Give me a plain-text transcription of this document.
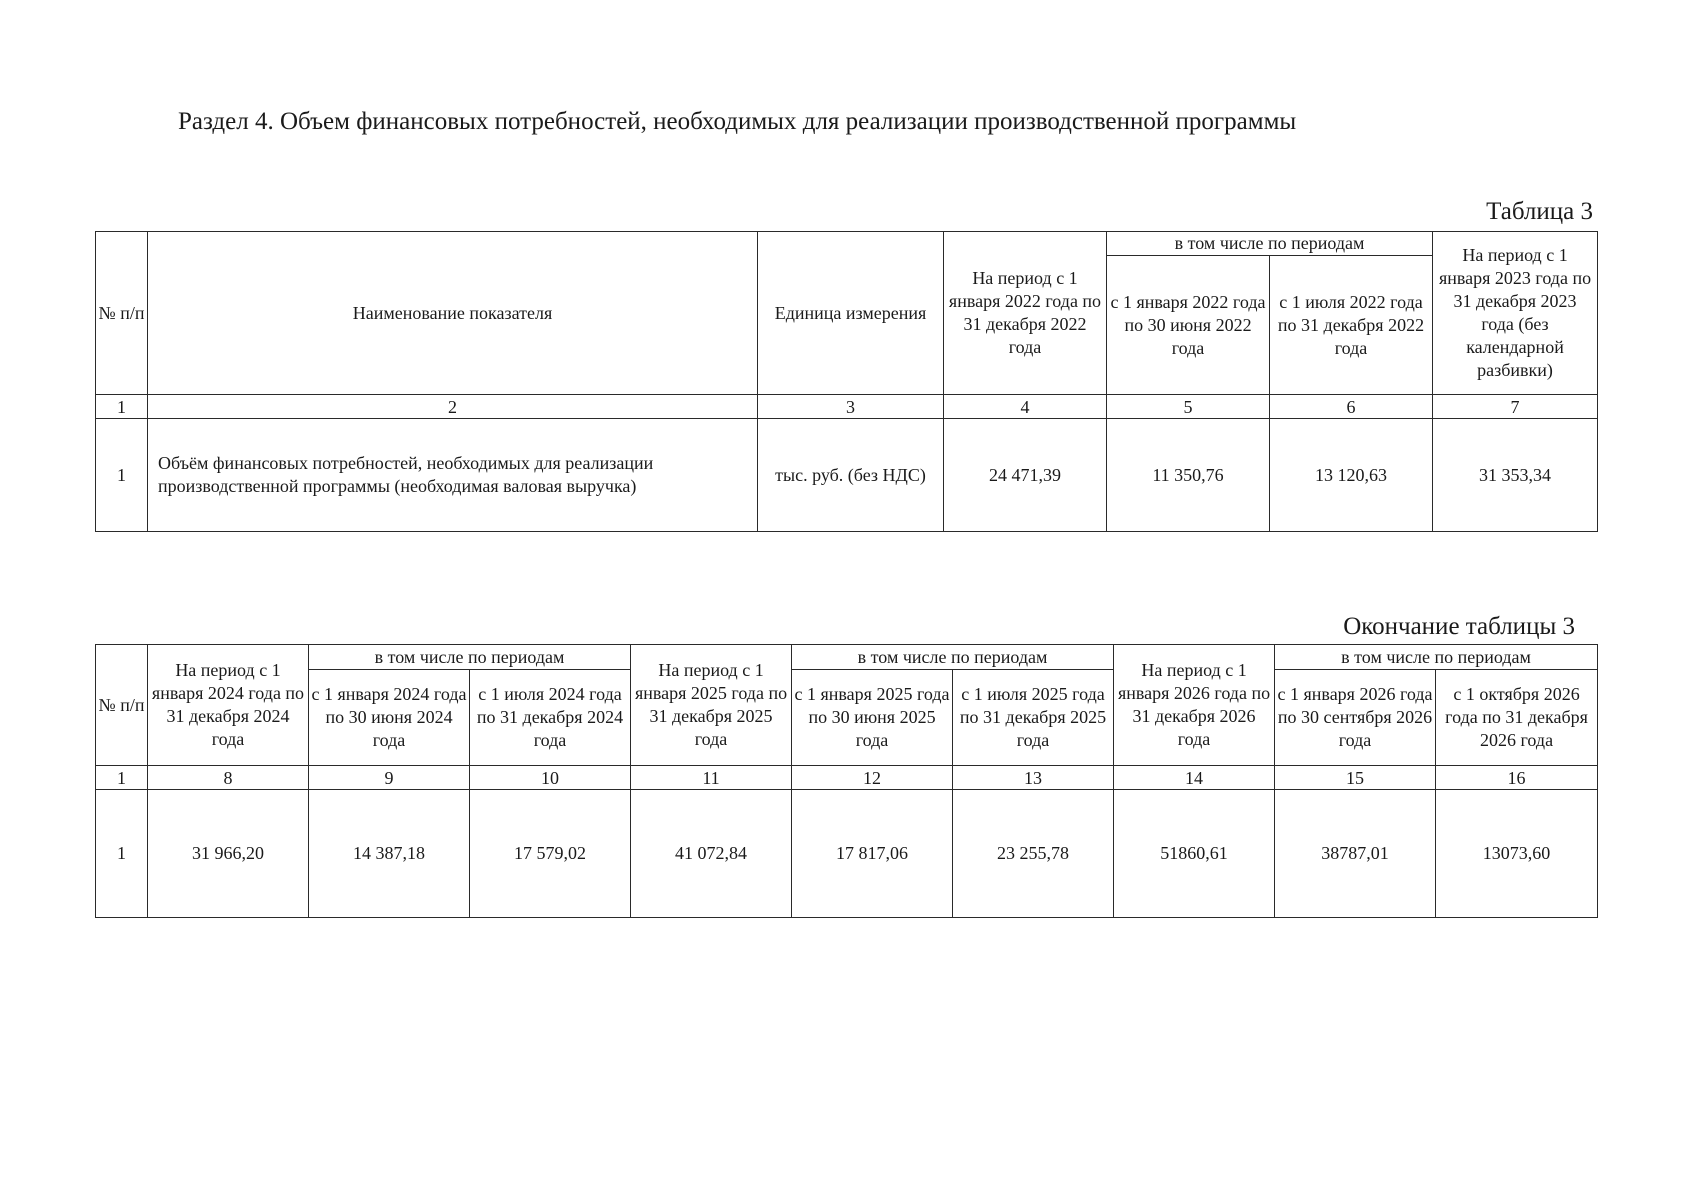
Раздел 4. Объем финансовых потребностей, необходимых для реализации производственной программы
Таблица 3
№ п/п	Наименование показателя	Единица измерения	На период с 1 января 2022 года по 31 декабря 2022 года	в том числе по периодам		На период с 1 января 2023 года по 31 декабря 2023 года (без календарной разбивки)
				с 1 января 2022 года по 30 июня 2022 года	с 1 июля 2022 года по 31 декабря 2022 года	
1	2	3	4	5	6	7
1	Объём финансовых потребностей, необходимых для реализации производственной программы (необходимая валовая выручка)	тыс. руб. (без НДС)	24 471,39	11 350,76	13 120,63	31 353,34
Окончание таблицы 3
№ п/п	На период с 1 января 2024 года по 31 декабря 2024 года	в том числе по периодам		На период с 1 января 2025 года по 31 декабря 2025 года	в том числе по периодам		На период с 1 января 2026 года по 31 декабря 2026 года	в том числе по периодам	
		с 1 января 2024 года по 30 июня 2024 года	с 1 июля 2024 года по 31 декабря 2024 года		с 1 января 2025 года по 30 июня 2025 года	с 1 июля 2025 года по 31 декабря 2025 года		с 1 января 2026 года по 30 сентября 2026 года	с 1 октября 2026 года по 31 декабря 2026 года
1	8	9	10	11	12	13	14	15	16
1	31 966,20	14 387,18	17 579,02	41 072,84	17 817,06	23 255,78	51860,61	38787,01	13073,60
